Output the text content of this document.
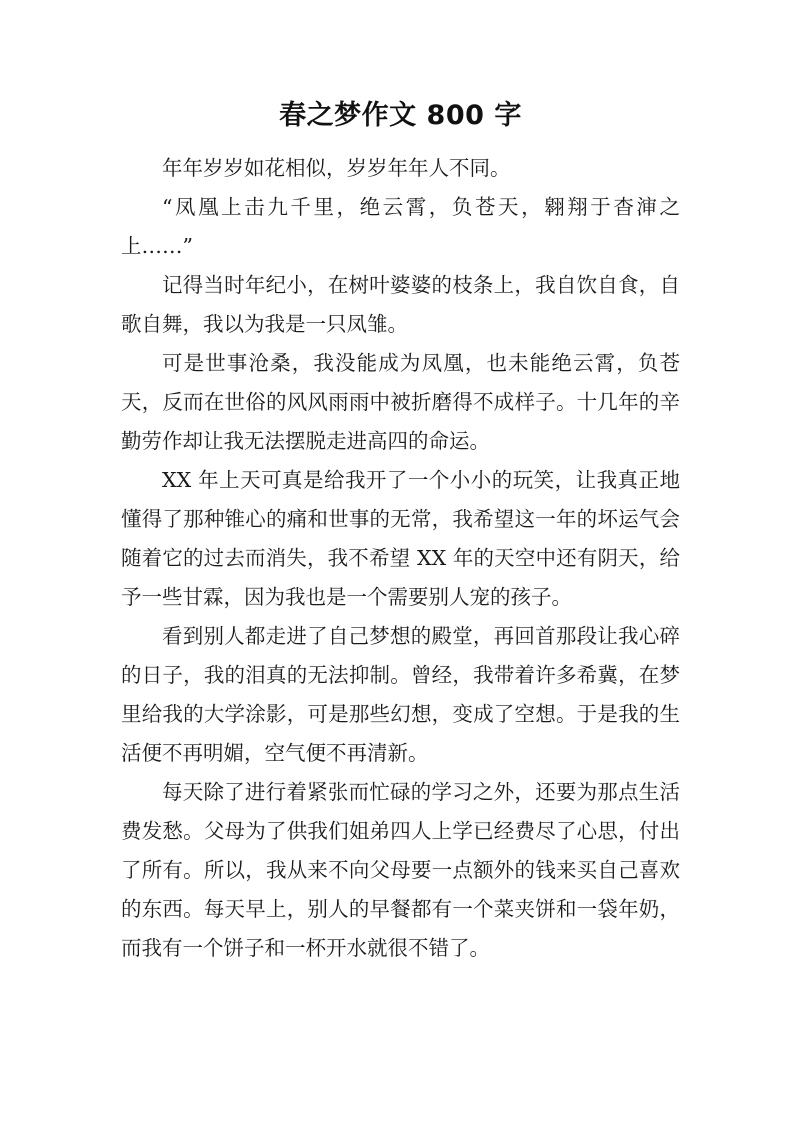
春之梦作文 800 字

年年岁岁如花相似，岁岁年年人不同。

“凤凰上击九千里，绝云霄，负苍天，翱翔于杳渖之上……”

记得当时年纪小，在树叶婆婆的枝条上，我自饮自食，自歌自舞，我以为我是一只凤雏。

可是世事沧桑，我没能成为凤凰，也未能绝云霄，负苍天，反而在世俗的风风雨雨中被折磨得不成样子。十几年的辛勤劳作却让我无法摆脱走进高四的命运。

XX 年上天可真是给我开了一个小小的玩笑，让我真正地懂得了那种锥心的痛和世事的无常，我希望这一年的坏运气会随着它的过去而消失，我不希望 XX 年的天空中还有阴天，给予一些甘霖，因为我也是一个需要别人宠的孩子。

看到别人都走进了自己梦想的殿堂，再回首那段让我心碎的日子，我的泪真的无法抑制。曾经，我带着许多希冀，在梦里给我的大学涂影，可是那些幻想，变成了空想。于是我的生活便不再明媚，空气便不再清新。

每天除了进行着紧张而忙碌的学习之外，还要为那点生活费发愁。父母为了供我们姐弟四人上学已经费尽了心思，付出了所有。所以，我从来不向父母要一点额外的钱来买自己喜欢的东西。每天早上，别人的早餐都有一个菜夹饼和一袋年奶，而我有一个饼子和一杯开水就很不错了。
